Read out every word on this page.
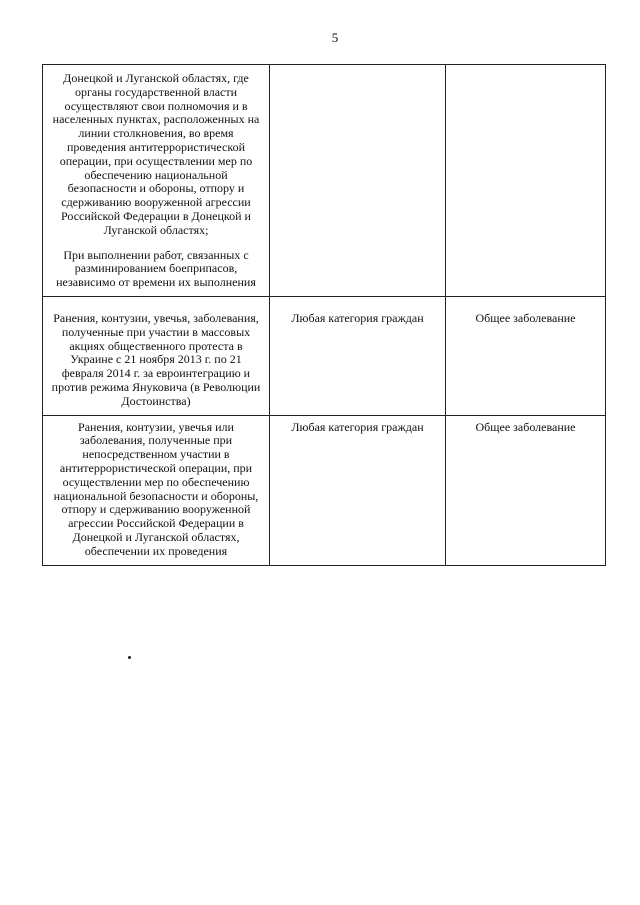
5

Донецкой и Луганской областях, где органы государственной власти осуществляют свои полномочия и в населенных пунктах, расположенных на линии столкновения, во время проведения антитеррористической операции, при осуществлении мер по обеспечению национальной безопасности и обороны, отпору и сдерживанию вооруженной агрессии Российской Федерации в Донецкой и Луганской областях;

При выполнении работ, связанных с разминированием боеприпасов, независимо от времени их выполнения		

Ранения, контузии, увечья, заболевания, полученные при участии в массовых акциях общественного протеста в Украине с 21 ноября 2013 г. по 21 февраля 2014 г. за евроинтеграцию и против режима Януковича (в Революции Достоинства)	Любая категория граждан	Общее заболевание

Ранения, контузии, увечья или заболевания, полученные при непосредственном участии в антитеррористической операции, при осуществлении мер по обеспечению национальной безопасности и обороны, отпору и сдерживанию вооруженной агрессии Российской Федерации в Донецкой и Луганской областях, обеспечении их проведения	Любая категория граждан	Общее заболевание
